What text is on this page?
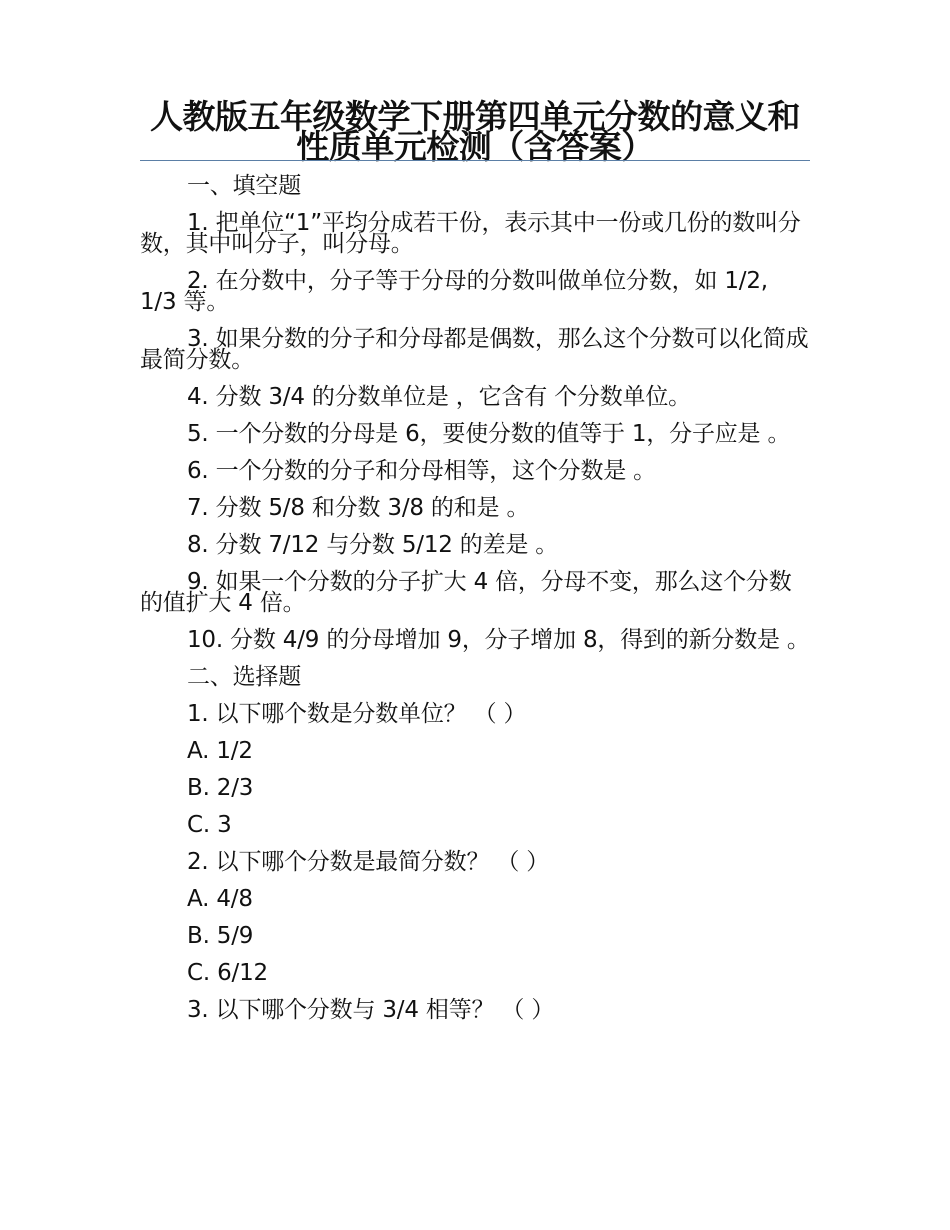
人教版五年级数学下册第四单元分数的意义和性质单元检测（含答案）

一、填空题

1. 把单位“1”平均分成若干份，表示其中一份或几份的数叫分数，其中叫分子，叫分母。

2. 在分数中，分子等于分母的分数叫做单位分数，如 1/2, 1/3 等。

3. 如果分数的分子和分母都是偶数，那么这个分数可以化简成最简分数。

4. 分数 3/4 的分数单位是 ，它含有 个分数单位。

5. 一个分数的分母是 6，要使分数的值等于 1，分子应是 。

6. 一个分数的分子和分母相等，这个分数是 。

7. 分数 5/8 和分数 3/8 的和是 。

8. 分数 7/12 与分数 5/12 的差是 。

9. 如果一个分数的分子扩大 4 倍，分母不变，那么这个分数的值扩大 4 倍。

10. 分数 4/9 的分母增加 9，分子增加 8，得到的新分数是 。

二、选择题

1. 以下哪个数是分数单位？ （ ）

A. 1/2

B. 2/3

C. 3

2. 以下哪个分数是最简分数？ （ ）

A. 4/8

B. 5/9

C. 6/12

3. 以下哪个分数与 3/4 相等？ （ ）
